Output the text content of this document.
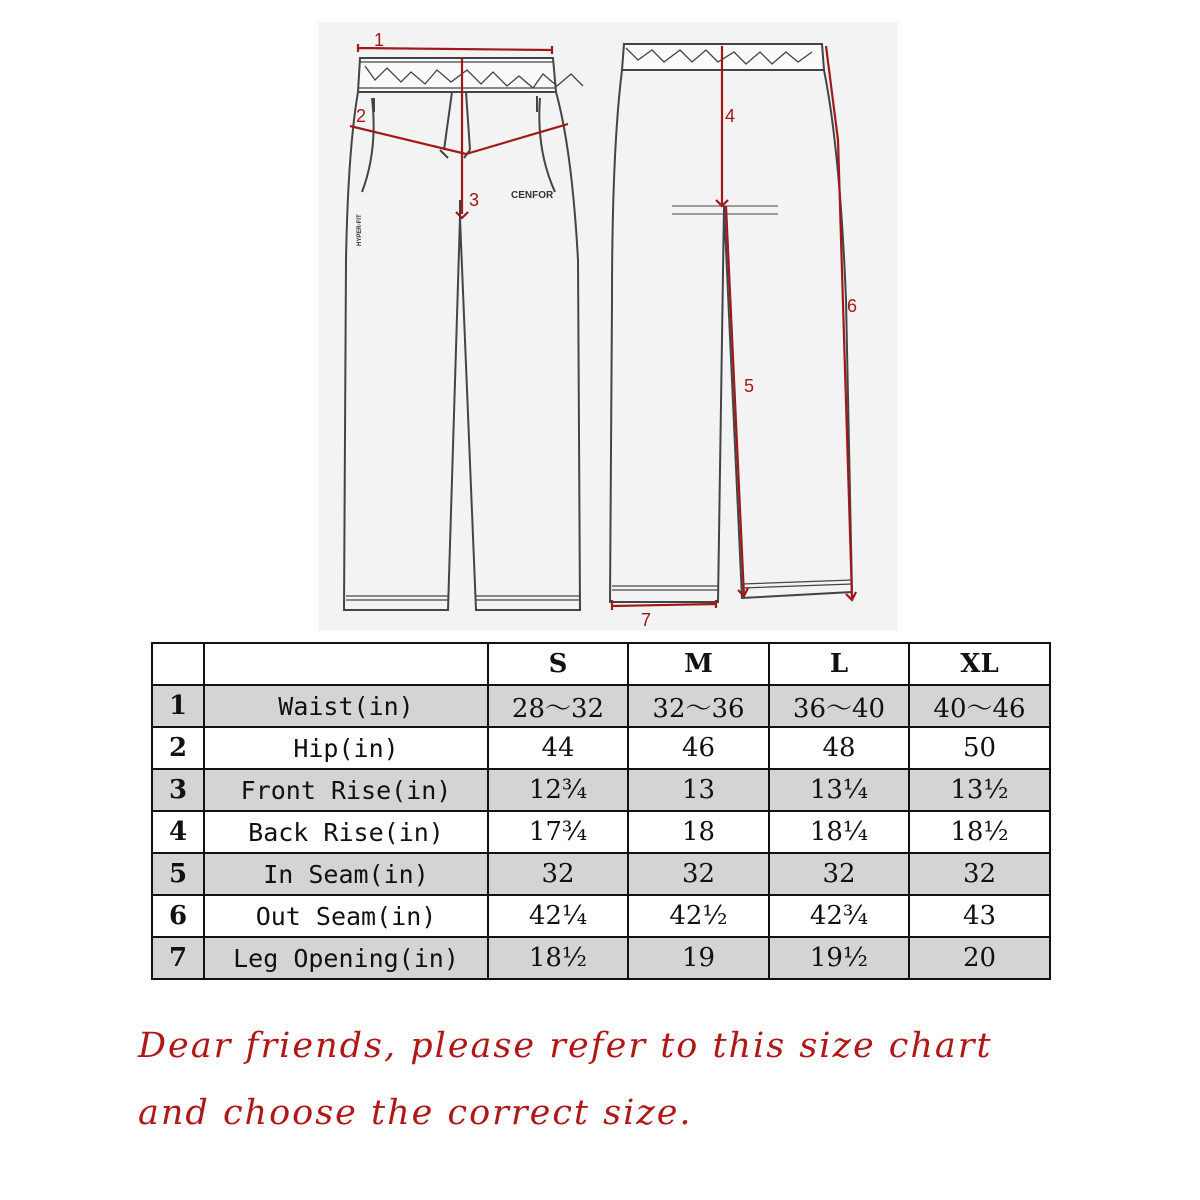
1
2
3
4
5
6
7
CENFOR
HYPER-FIT
		S	M	L	XL
1	Waist(in)	28～32	32～36	36～40	40～46
2	Hip(in)	44	46	48	50
3	Front Rise(in)	12¾	13	13¼	13½
4	Back Rise(in)	17¾	18	18¼	18½
5	In Seam(in)	32	32	32	32
6	Out Seam(in)	42¼	42½	42¾	43
7	Leg Opening(in)	18½	19	19½	20
Dear friends, please refer to this size chart
and choose the correct size.
